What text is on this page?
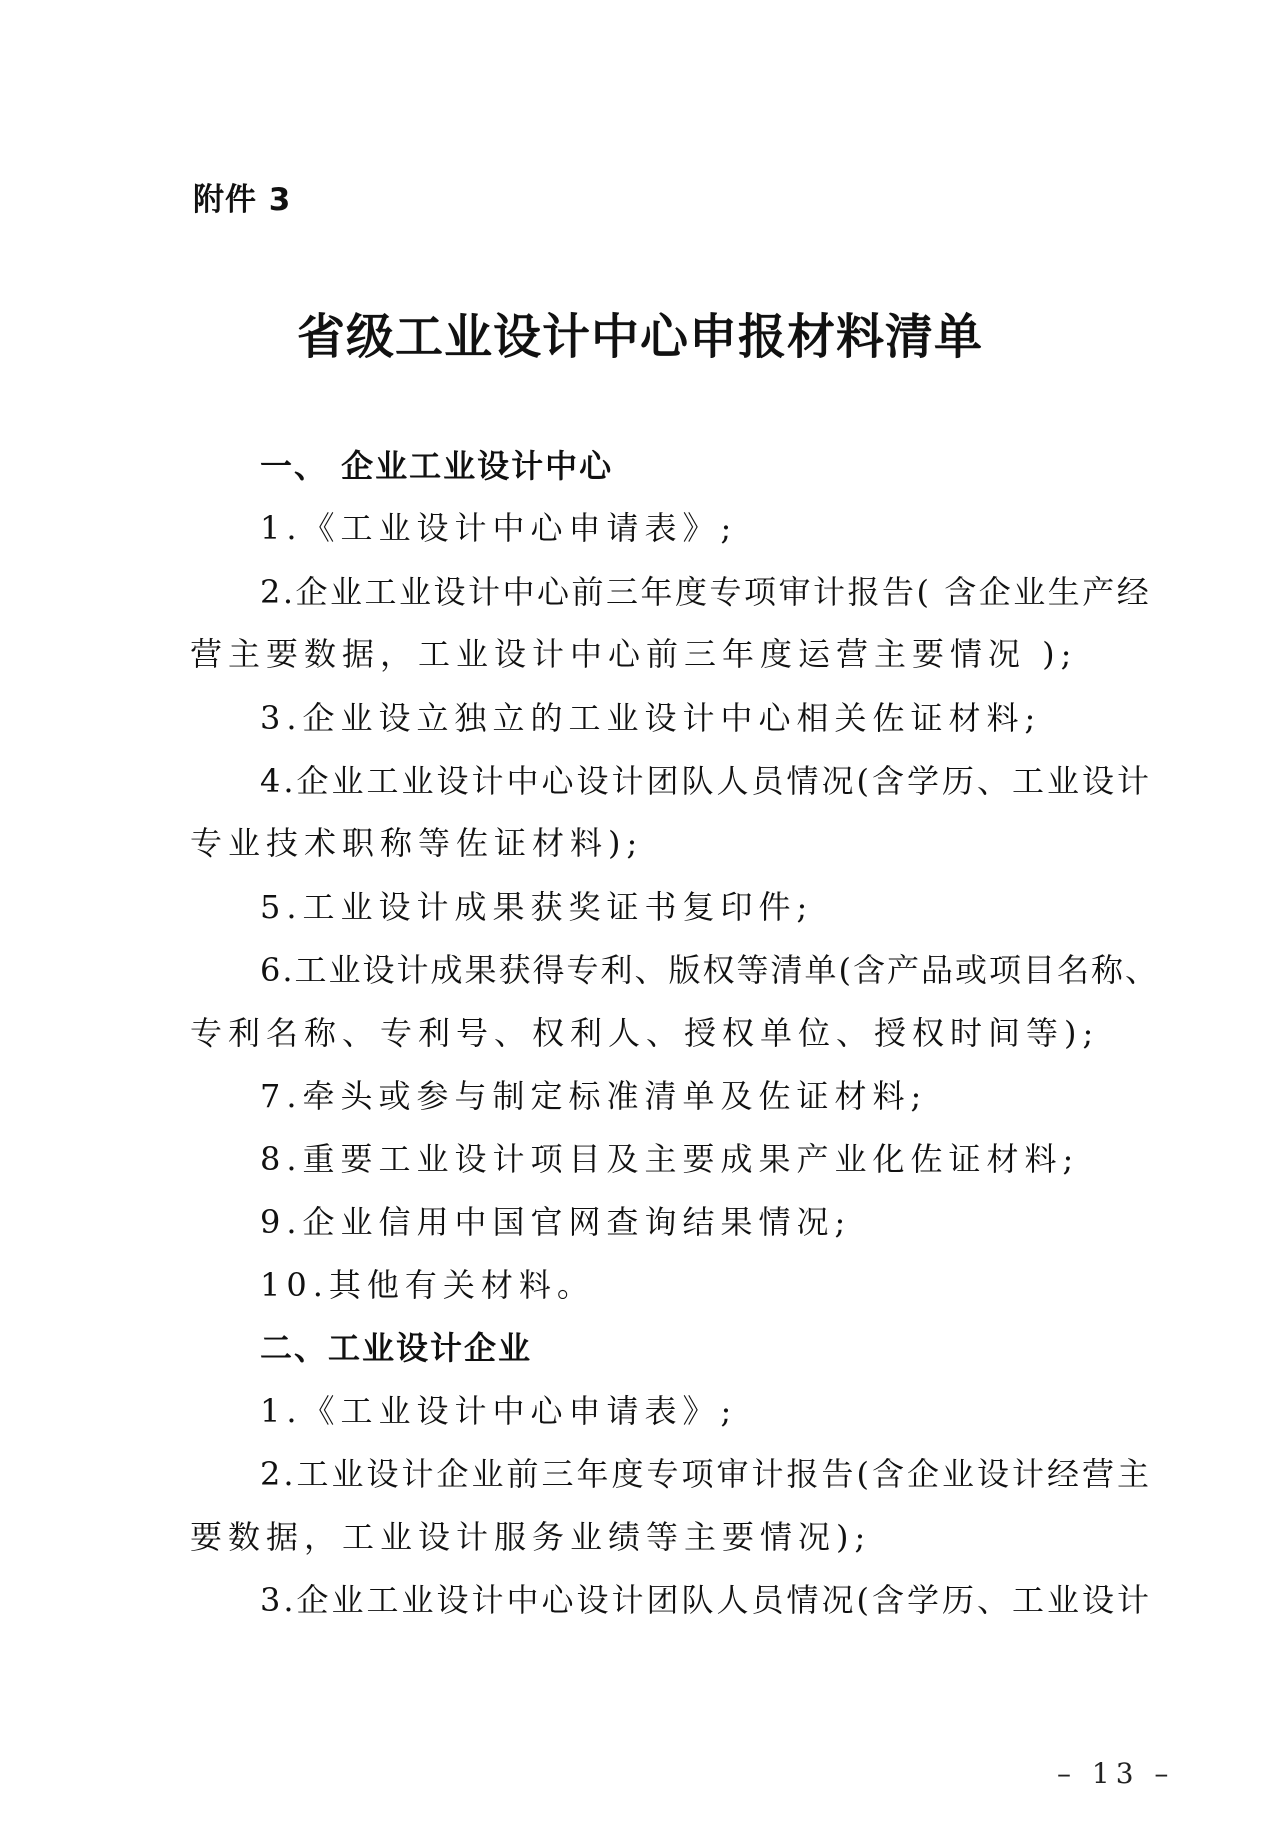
附件 3
省级工业设计中心申报材料清单
一、 企业工业设计中心
1.《工业设计中心申请表》;
2.企业工业设计中心前三年度专项审计报告( 含企业生产经
营主要数据，工业设计中心前三年度运营主要情况 );
3.企业设立独立的工业设计中心相关佐证材料;
4.企业工业设计中心设计团队人员情况(含学历、工业设计
专业技术职称等佐证材料);
5.工业设计成果获奖证书复印件;
6.工业设计成果获得专利、版权等清单(含产品或项目名称、
专利名称、专利号、权利人、授权单位、授权时间等);
7.牵头或参与制定标准清单及佐证材料;
8.重要工业设计项目及主要成果产业化佐证材料;
9.企业信用中国官网查询结果情况;
10.其他有关材料。
二、工业设计企业
1.《工业设计中心申请表》;
2.工业设计企业前三年度专项审计报告(含企业设计经营主
要数据，工业设计服务业绩等主要情况);
3.企业工业设计中心设计团队人员情况(含学历、工业设计
– 13 –
